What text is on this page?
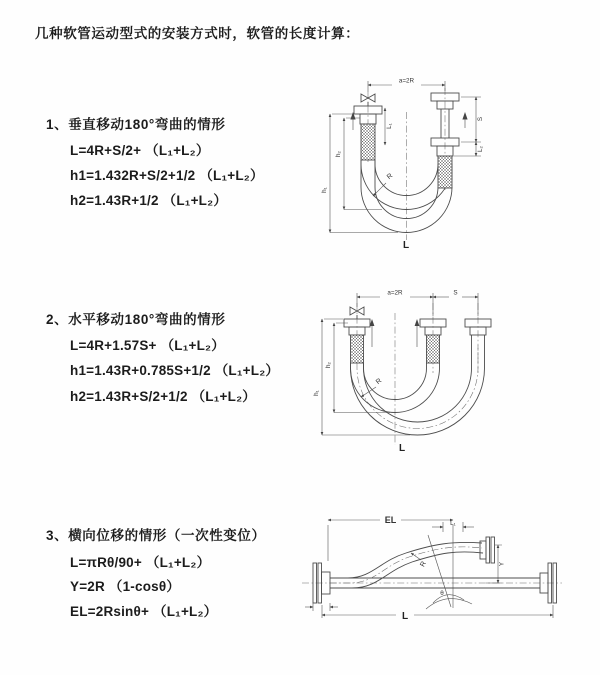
几种软管运动型式的安装方式时，软管的长度计算：
1、垂直移动180°弯曲的情形
L=4R+S/2+ （L₁+L₂）
h1=1.432R+S/2+1/2 （L₁+L₂）
h2=1.43R+1/2 （L₁+L₂）
2、水平移动180°弯曲的情形
L=4R+1.57S+ （L₁+L₂）
h1=1.43R+0.785S+1/2 （L₁+L₂）
h2=1.43R+S/2+1/2 （L₁+L₂）
3、横向位移的情形（一次性变位）
L=πRθ/90+ （L₁+L₂）
Y=2R （1-cosθ）
EL=2Rsinθ+ （L₁+L₂）
a=2R
L₁
S
L₂
h₁
h₂
R
L
a=2R	S
h₁
h₂
R
L
EL	L₁
Y
θ
R
L
